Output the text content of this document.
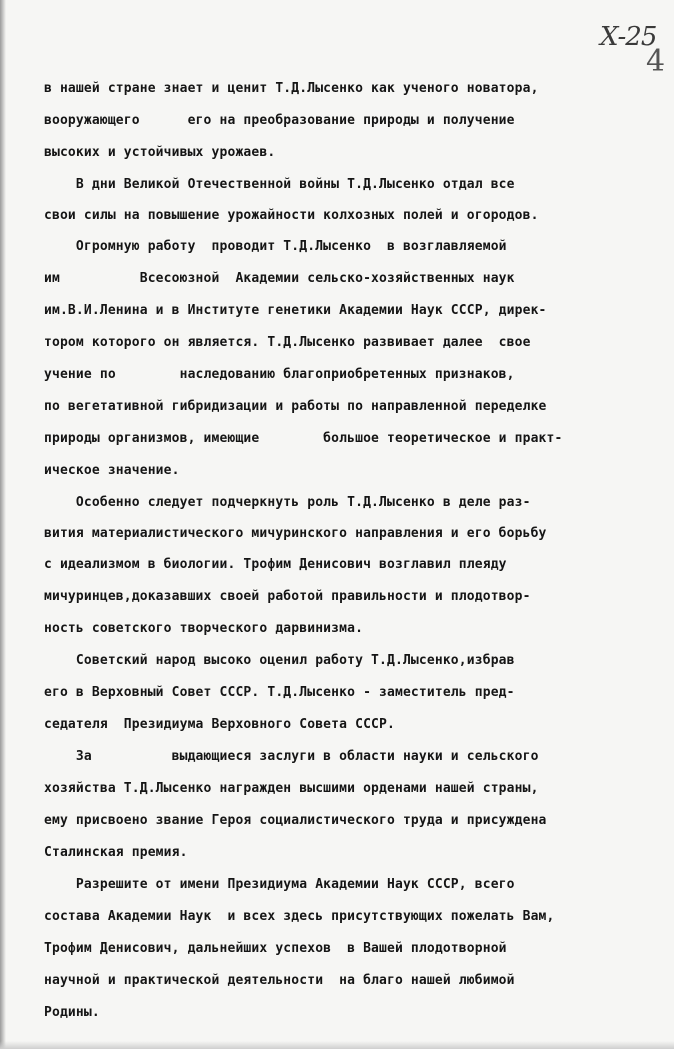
Х-25
4
в нашей стране знает и ценит Т.Д.Лысенко как ученого новатора,
вооружающего      его на преобразование природы и получение
высоких и устойчивых урожаев.
В дни Великой Отечественной войны Т.Д.Лысенко отдал все
свои силы на повышение урожайности колхозных полей и огородов.
Огромную работу  проводит Т.Д.Лысенко  в возглавляемой
им          Всесоюзной  Академии сельско-хозяйственных наук
им.В.И.Ленина и в Институте генетики Академии Наук СССР, дирек-
тором которого он является. Т.Д.Лысенко развивает далее  свое
учение по        наследованию благоприобретенных признаков,
по вегетативной гибридизации и работы по направленной переделке
природы организмов, имеющие        большое теоретическое и практ-
ическое значение.
Особенно следует подчеркнуть роль Т.Д.Лысенко в деле раз-
вития материалистического мичуринского направления и его борьбу
с идеализмом в биологии. Трофим Денисович возглавил плеяду
мичуринцев,доказавших своей работой правильности и плодотвор-
ность советского творческого дарвинизма.
Советский народ высоко оценил работу Т.Д.Лысенко,избрав
его в Верховный Совет СССР. Т.Д.Лысенко - заместитель пред-
седателя  Президиума Верховного Совета СССР.
За          выдающиеся заслуги в области науки и сельского
хозяйства Т.Д.Лысенко награжден высшими орденами нашей страны,
ему присвоено звание Героя социалистического труда и присуждена
Сталинская премия.
Разрешите от имени Президиума Академии Наук СССР, всего
состава Академии Наук  и всех здесь присутствующих пожелать Вам,
Трофим Денисович, дальнейших успехов  в Вашей плодотворной
научной и практической деятельности  на благо нашей любимой
Родины.
